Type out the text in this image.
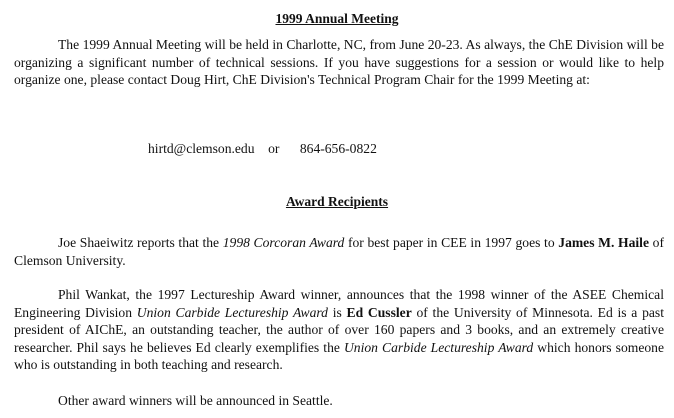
1999 Annual Meeting

The 1999 Annual Meeting will be held in Charlotte, NC, from June 20-23. As always, the ChE Division will be organizing a significant number of technical sessions. If you have suggestions for a session or would like to help organize one, please contact Doug Hirt, ChE Division's Technical Program Chair for the 1999 Meeting at:

hirtd@clemson.edu or 864-656-0822
Award Recipients

Joe Shaeiwitz reports that the 1998 Corcoran Award for best paper in CEE in 1997 goes to James M. Haile of Clemson University.

Phil Wankat, the 1997 Lectureship Award winner, announces that the 1998 winner of the ASEE Chemical Engineering Division Union Carbide Lectureship Award is Ed Cussler of the University of Minnesota. Ed is a past president of AIChE, an outstanding teacher, the author of over 160 papers and 3 books, and an extremely creative researcher. Phil says he believes Ed clearly exemplifies the Union Carbide Lectureship Award which honors someone who is outstanding in both teaching and research.

Other award winners will be announced in Seattle.
